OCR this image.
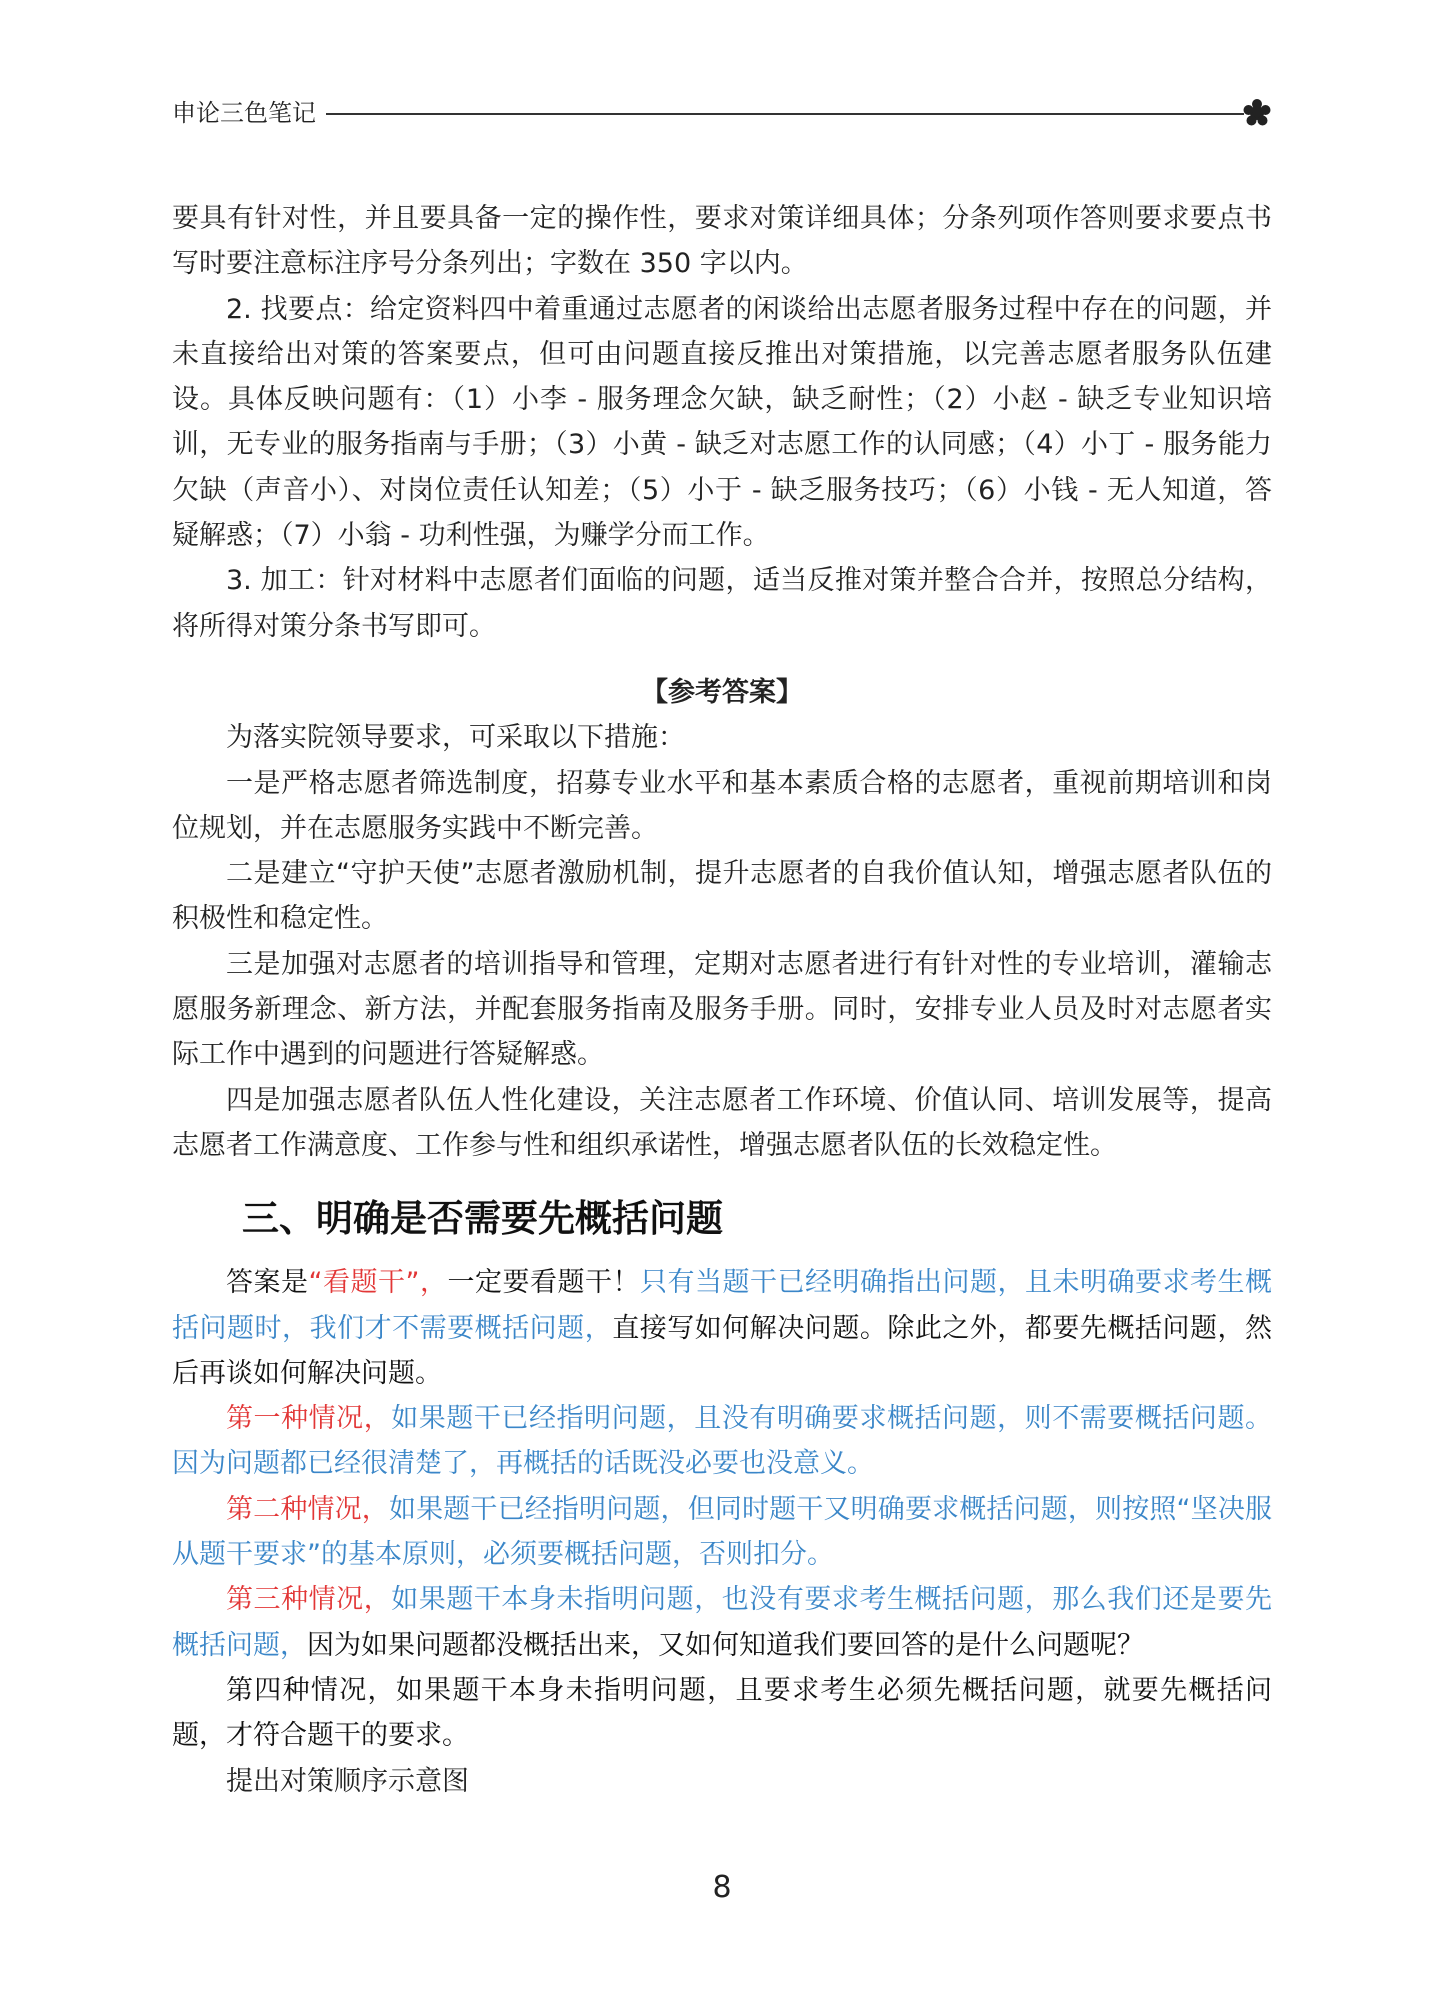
申论三色笔记

要具有针对性，并且要具备一定的操作性，要求对策详细具体；分条列项作答则要求要点书写时要注意标注序号分条列出；字数在 350 字以内。

2. 找要点：给定资料四中着重通过志愿者的闲谈给出志愿者服务过程中存在的问题，并未直接给出对策的答案要点，但可由问题直接反推出对策措施，以完善志愿者服务队伍建设。具体反映问题有：（1）小李 - 服务理念欠缺，缺乏耐性；（2）小赵 - 缺乏专业知识培训，无专业的服务指南与手册；（3）小黄 - 缺乏对志愿工作的认同感；（4）小丁 - 服务能力欠缺（声音小）、对岗位责任认知差；（5）小于 - 缺乏服务技巧；（6）小钱 - 无人知道，答疑解惑；（7）小翁 - 功利性强，为赚学分而工作。

3. 加工：针对材料中志愿者们面临的问题，适当反推对策并整合合并，按照总分结构，将所得对策分条书写即可。

【参考答案】

为落实院领导要求，可采取以下措施：

一是严格志愿者筛选制度，招募专业水平和基本素质合格的志愿者，重视前期培训和岗位规划，并在志愿服务实践中不断完善。

二是建立“守护天使”志愿者激励机制，提升志愿者的自我价值认知，增强志愿者队伍的积极性和稳定性。

三是加强对志愿者的培训指导和管理，定期对志愿者进行有针对性的专业培训，灌输志愿服务新理念、新方法，并配套服务指南及服务手册。同时，安排专业人员及时对志愿者实际工作中遇到的问题进行答疑解惑。

四是加强志愿者队伍人性化建设，关注志愿者工作环境、价值认同、培训发展等，提高志愿者工作满意度、工作参与性和组织承诺性，增强志愿者队伍的长效稳定性。

三、明确是否需要先概括问题

答案是“看题干”，一定要看题干！只有当题干已经明确指出问题，且未明确要求考生概括问题时，我们才不需要概括问题，直接写如何解决问题。除此之外，都要先概括问题，然后再谈如何解决问题。

第一种情况，如果题干已经指明问题，且没有明确要求概括问题，则不需要概括问题。因为问题都已经很清楚了，再概括的话既没必要也没意义。

第二种情况，如果题干已经指明问题，但同时题干又明确要求概括问题，则按照“坚决服从题干要求”的基本原则，必须要概括问题，否则扣分。

第三种情况，如果题干本身未指明问题，也没有要求考生概括问题，那么我们还是要先概括问题，因为如果问题都没概括出来，又如何知道我们要回答的是什么问题呢？

第四种情况，如果题干本身未指明问题，且要求考生必须先概括问题，就要先概括问题，才符合题干的要求。

提出对策顺序示意图

8
